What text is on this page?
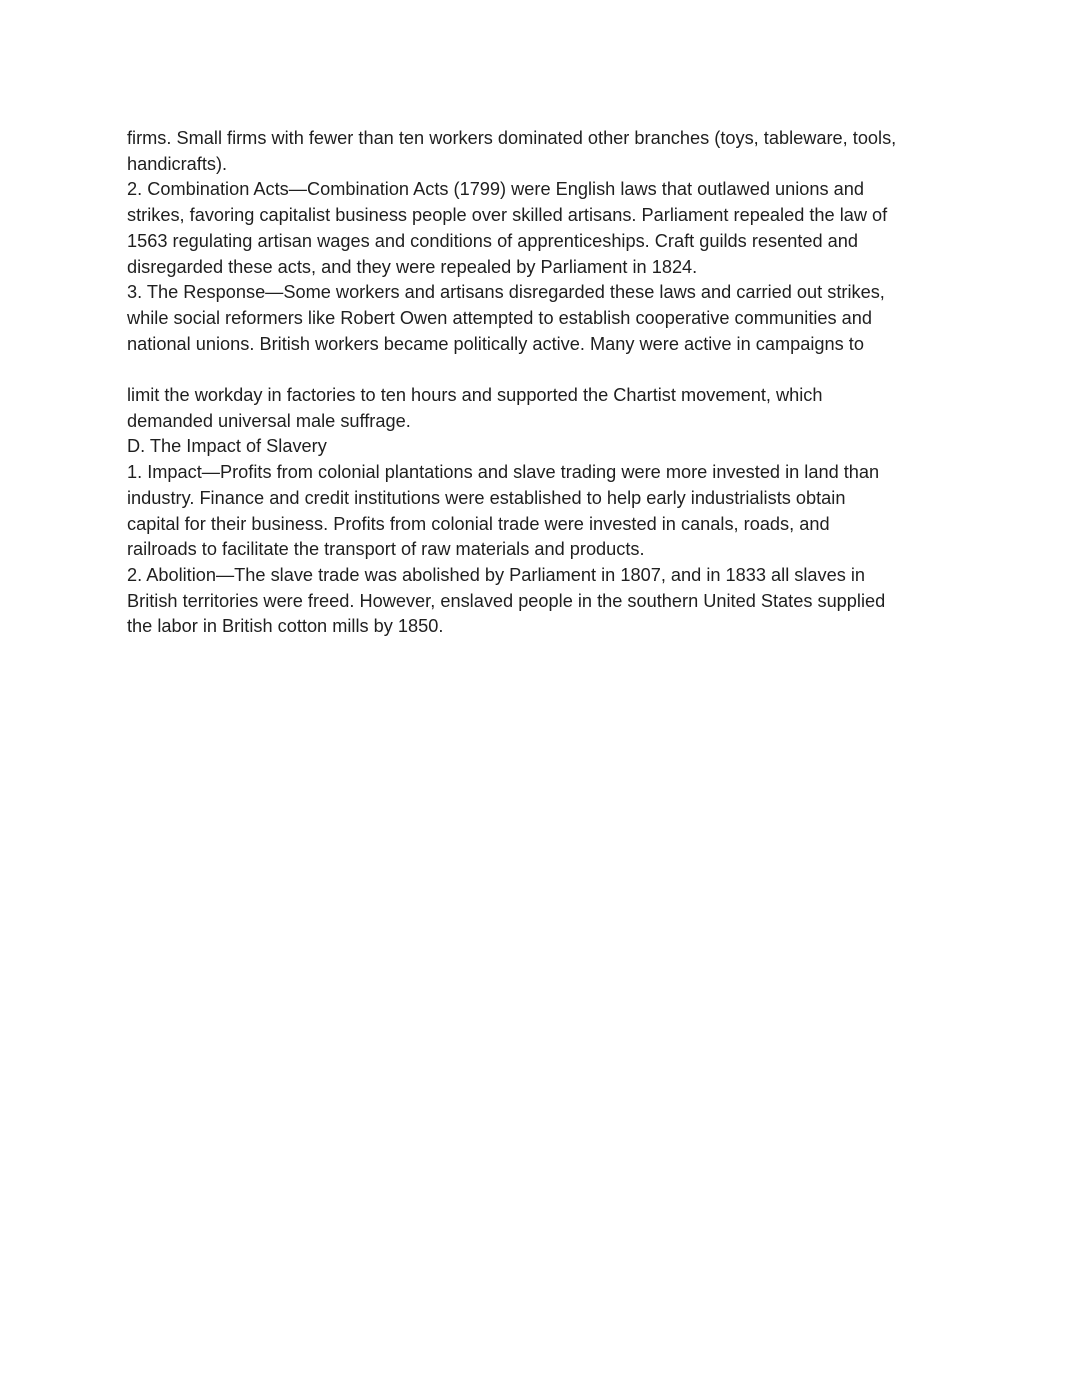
firms. Small firms with fewer than ten workers dominated other branches (toys, tableware, tools,
handicrafts).
2. Combination Acts—Combination Acts (1799) were English laws that outlawed unions and
strikes, favoring capitalist business people over skilled artisans. Parliament repealed the law of
1563 regulating artisan wages and conditions of apprenticeships. Craft guilds resented and
disregarded these acts, and they were repealed by Parliament in 1824.
3. The Response—Some workers and artisans disregarded these laws and carried out strikes,
while social reformers like Robert Owen attempted to establish cooperative communities and
national unions. British workers became politically active. Many were active in campaigns to
limit the workday in factories to ten hours and supported the Chartist movement, which
demanded universal male suffrage.
D. The Impact of Slavery
1. Impact—Profits from colonial plantations and slave trading were more invested in land than
industry. Finance and credit institutions were established to help early industrialists obtain
capital for their business. Profits from colonial trade were invested in canals, roads, and
railroads to facilitate the transport of raw materials and products.
2. Abolition—The slave trade was abolished by Parliament in 1807, and in 1833 all slaves in
British territories were freed. However, enslaved people in the southern United States supplied
the labor in British cotton mills by 1850.
